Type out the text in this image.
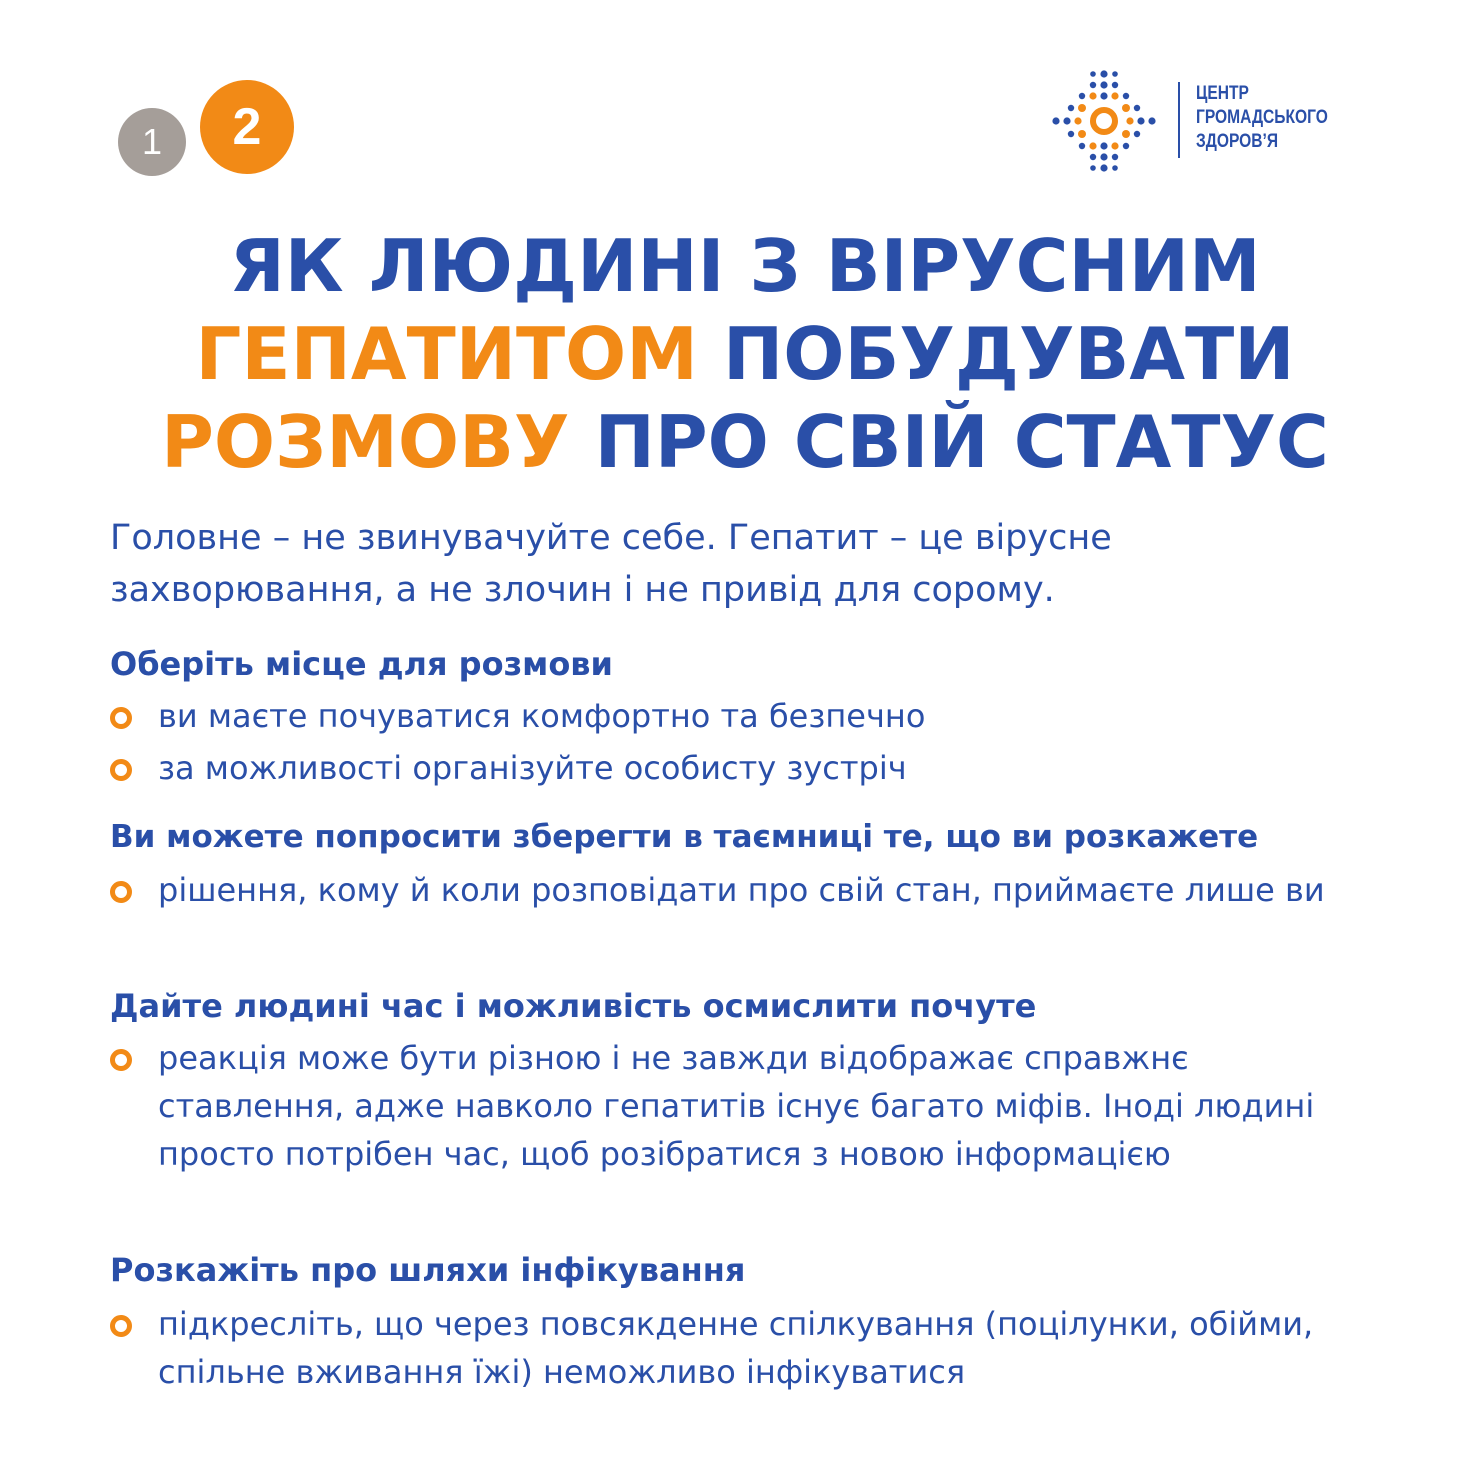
1	2
ЦЕНТР
ГРОМАДСЬКОГО
ЗДОРОВ’Я
ЯК ЛЮДИНІ З ВІРУСНИМ
ГЕПАТИТОМ ПОБУДУВАТИ
РОЗМОВУ ПРО СВІЙ СТАТУС

Головне – не звинувачуйте себе. Гепатит – це вірусне захворювання, а не злочин і не привід для сорому.

Оберіть місце для розмови
ви маєте почуватися комфортно та безпечно
за можливості організуйте особисту зустріч
Ви можете попросити зберегти в таємниці те, що ви розкажете
рішення, кому й коли розповідати про свій стан, приймаєте лише ви
Дайте людині час і можливість осмислити почуте
реакція може бути різною і не завжди відображає справжнє ставлення, адже навколо гепатитів існує багато міфів. Іноді людині просто потрібен час, щоб розібратися з новою інформацією
Розкажіть про шляхи інфікування
підкресліть, що через повсякденне спілкування (поцілунки, обійми, спільне вживання їжі) неможливо інфікуватися
